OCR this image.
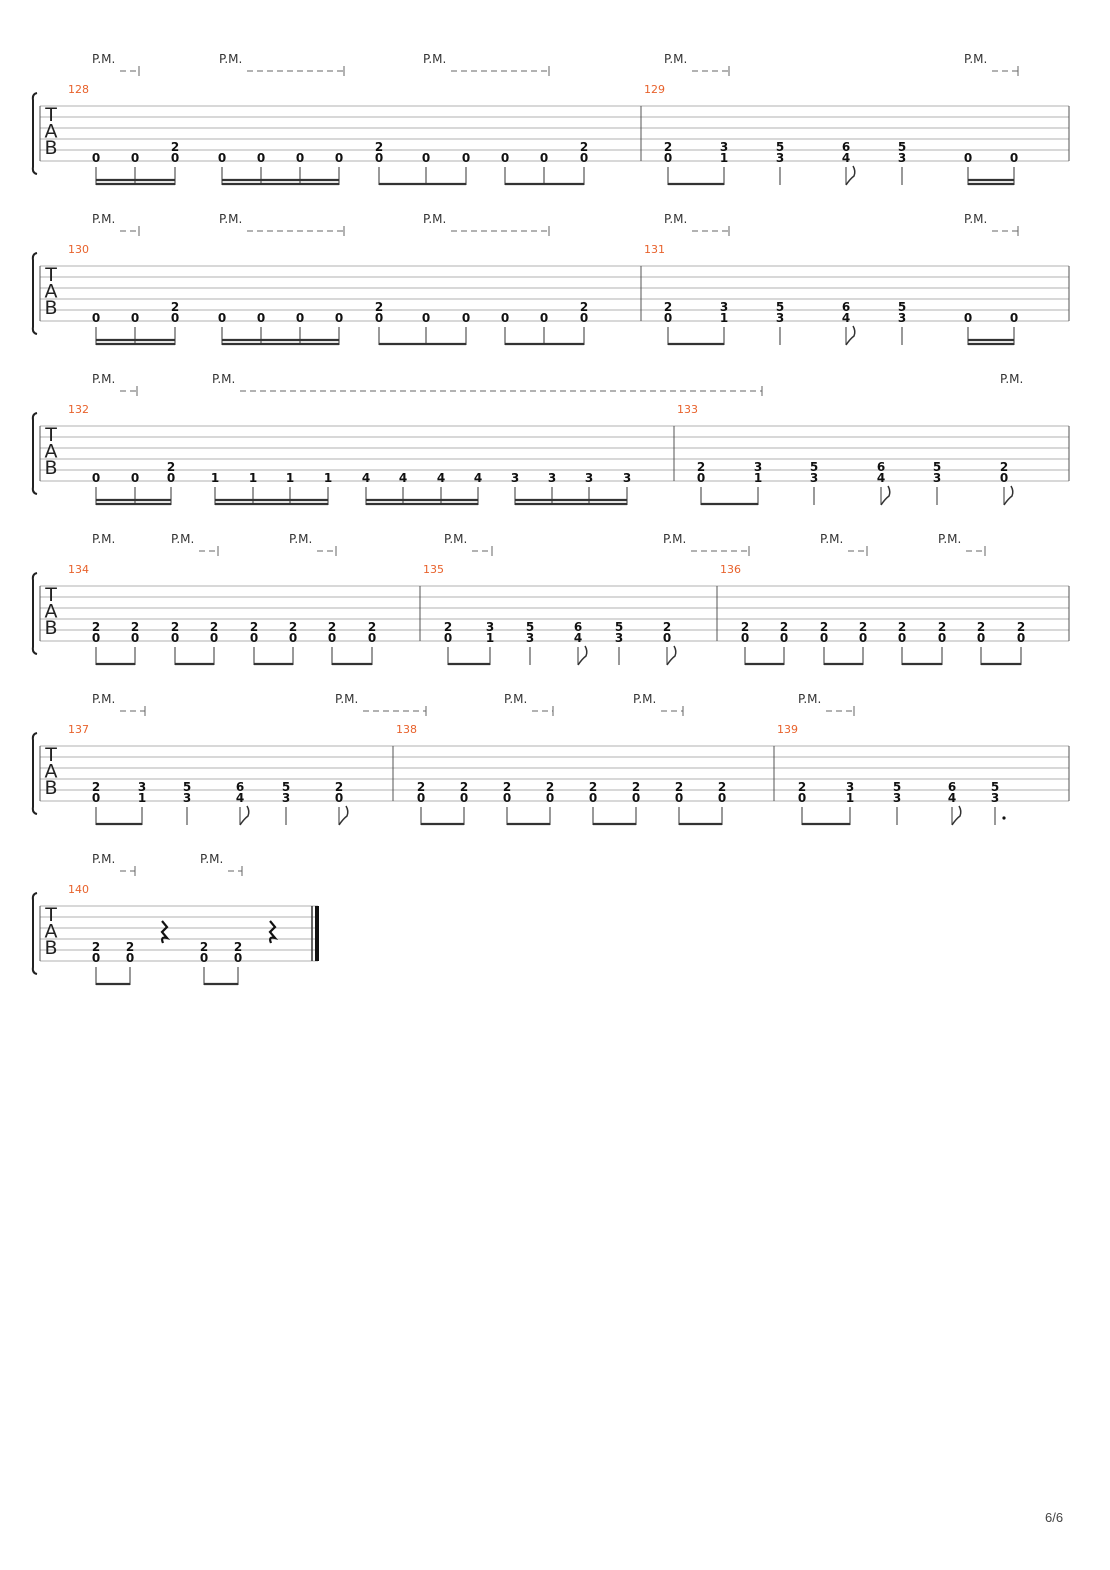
T
A
B
128
0	0
2
0	0	0	0	0
2
0	0	0	0	0
2
0
129
2
0
3
1
5
3
6
4
5
3	0	0
P.M.	P.M.	P.M.	P.M.	P.M.
T
A
B
130
0	0
2
0	0	0	0	0
2
0	0	0	0	0
2
0
131
2
0
3
1
5
3
6
4
5
3	0	0
P.M.	P.M.	P.M.	P.M.	P.M.
T
A
B
132
0	0
2
0	1 1 1 1 4 4 4 4 3 3 3 3
133
2
0
3
1
5
3
6
4
5
3
2
0
P.M.	P.M.	P.M.
T
A
B
134
2
0
2
0
2
0
2
0
2
0
2
0
2
0
2
0
135
2
0
3
1
5
3
6
4
5
3
2
0
136
2
0
2
0
2
0
2
0
2
0
2
0
2
0
2
0
P.M.	P.M.	P.M.	P.M.	P.M.	P.M.	P.M.
T
A
B
137
2
0
3
1
5
3
6
4
5
3
2
0
138
2
0
2
0
2
0
2
0
2
0
2
0
2
0
2
0
139
2
0
3
1
5
3
6
4
5
3
P.M.	P.M.	P.M.	P.M.	P.M.
T
A
B
140
2
0
2
0
2
0
2
0
P.M.	P.M.
6/6
